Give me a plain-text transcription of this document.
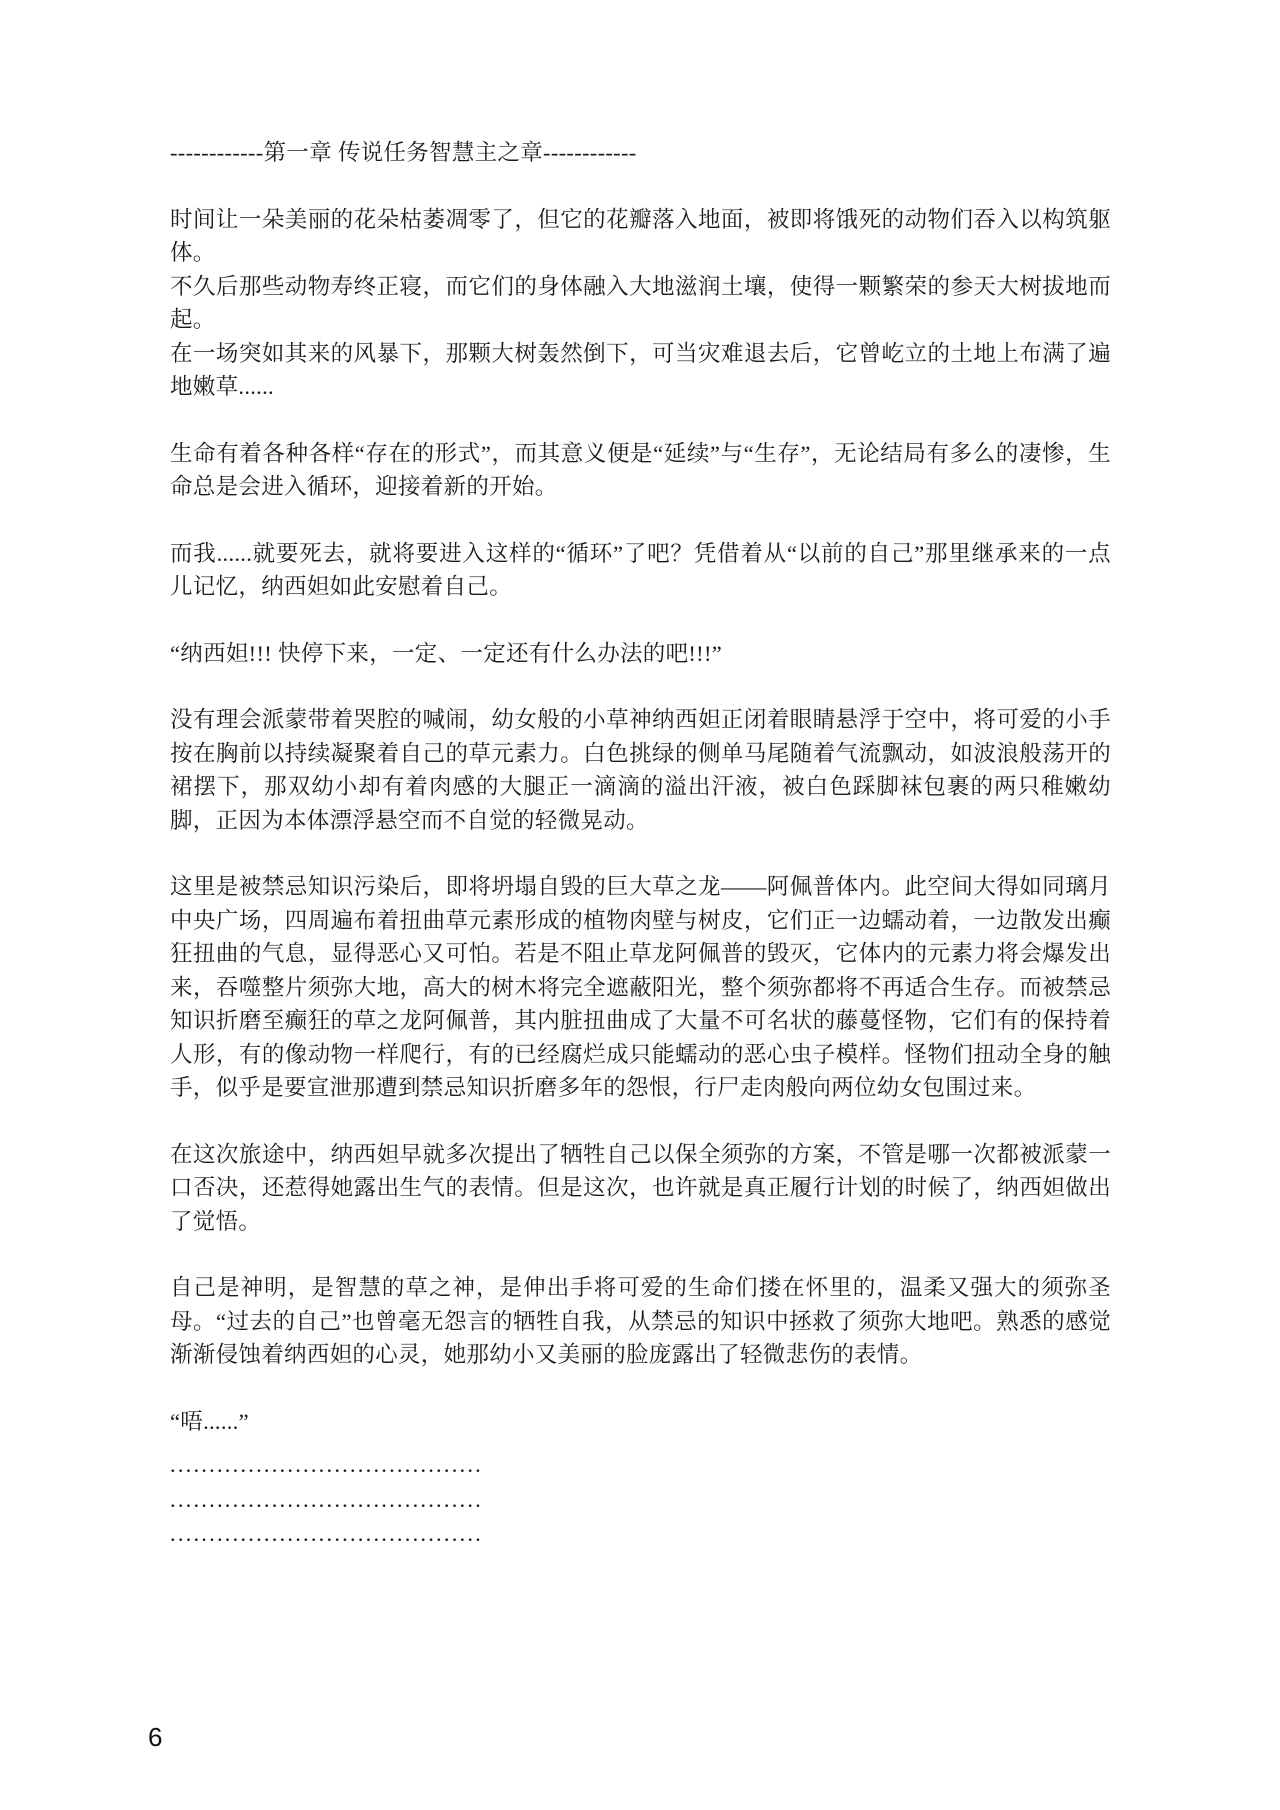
------------第一章 传说任务智慧主之章------------

时间让一朵美丽的花朵枯萎凋零了，但它的花瓣落入地面，被即将饿死的动物们吞入以构筑躯体。

不久后那些动物寿终正寝，而它们的身体融入大地滋润土壤，使得一颗繁荣的参天大树拔地而起。

在一场突如其来的风暴下，那颗大树轰然倒下，可当灾难退去后，它曾屹立的土地上布满了遍地嫩草......

生命有着各种各样“存在的形式”，而其意义便是“延续”与“生存”，无论结局有多么的凄惨，生命总是会进入循环，迎接着新的开始。

而我......就要死去，就将要进入这样的“循环”了吧？凭借着从“以前的自己”那里继承来的一点儿记忆，纳西妲如此安慰着自己。

“纳西妲!!! 快停下来，一定、一定还有什么办法的吧!!!”

没有理会派蒙带着哭腔的喊闹，幼女般的小草神纳西妲正闭着眼睛悬浮于空中，将可爱的小手按在胸前以持续凝聚着自己的草元素力。白色挑绿的侧单马尾随着气流飘动，如波浪般荡开的裙摆下，那双幼小却有着肉感的大腿正一滴滴的溢出汗液，被白色踩脚袜包裹的两只稚嫩幼脚，正因为本体漂浮悬空而不自觉的轻微晃动。

这里是被禁忌知识污染后，即将坍塌自毁的巨大草之龙——阿佩普体内。此空间大得如同璃月中央广场，四周遍布着扭曲草元素形成的植物肉壁与树皮，它们正一边蠕动着，一边散发出癫狂扭曲的气息，显得恶心又可怕。若是不阻止草龙阿佩普的毁灭，它体内的元素力将会爆发出来，吞噬整片须弥大地，高大的树木将完全遮蔽阳光，整个须弥都将不再适合生存。而被禁忌知识折磨至癫狂的草之龙阿佩普，其内脏扭曲成了大量不可名状的藤蔓怪物，它们有的保持着人形，有的像动物一样爬行，有的已经腐烂成只能蠕动的恶心虫子模样。怪物们扭动全身的触手，似乎是要宣泄那遭到禁忌知识折磨多年的怨恨，行尸走肉般向两位幼女包围过来。

在这次旅途中，纳西妲早就多次提出了牺牲自己以保全须弥的方案，不管是哪一次都被派蒙一口否决，还惹得她露出生气的表情。但是这次，也许就是真正履行计划的时候了，纳西妲做出了觉悟。

自己是神明，是智慧的草之神，是伸出手将可爱的生命们搂在怀里的，温柔又强大的须弥圣母。“过去的自己”也曾毫无怨言的牺牲自我，从禁忌的知识中拯救了须弥大地吧。熟悉的感觉渐渐侵蚀着纳西妲的心灵，她那幼小又美丽的脸庞露出了轻微悲伤的表情。

“唔......”

........................................

........................................

........................................

6
